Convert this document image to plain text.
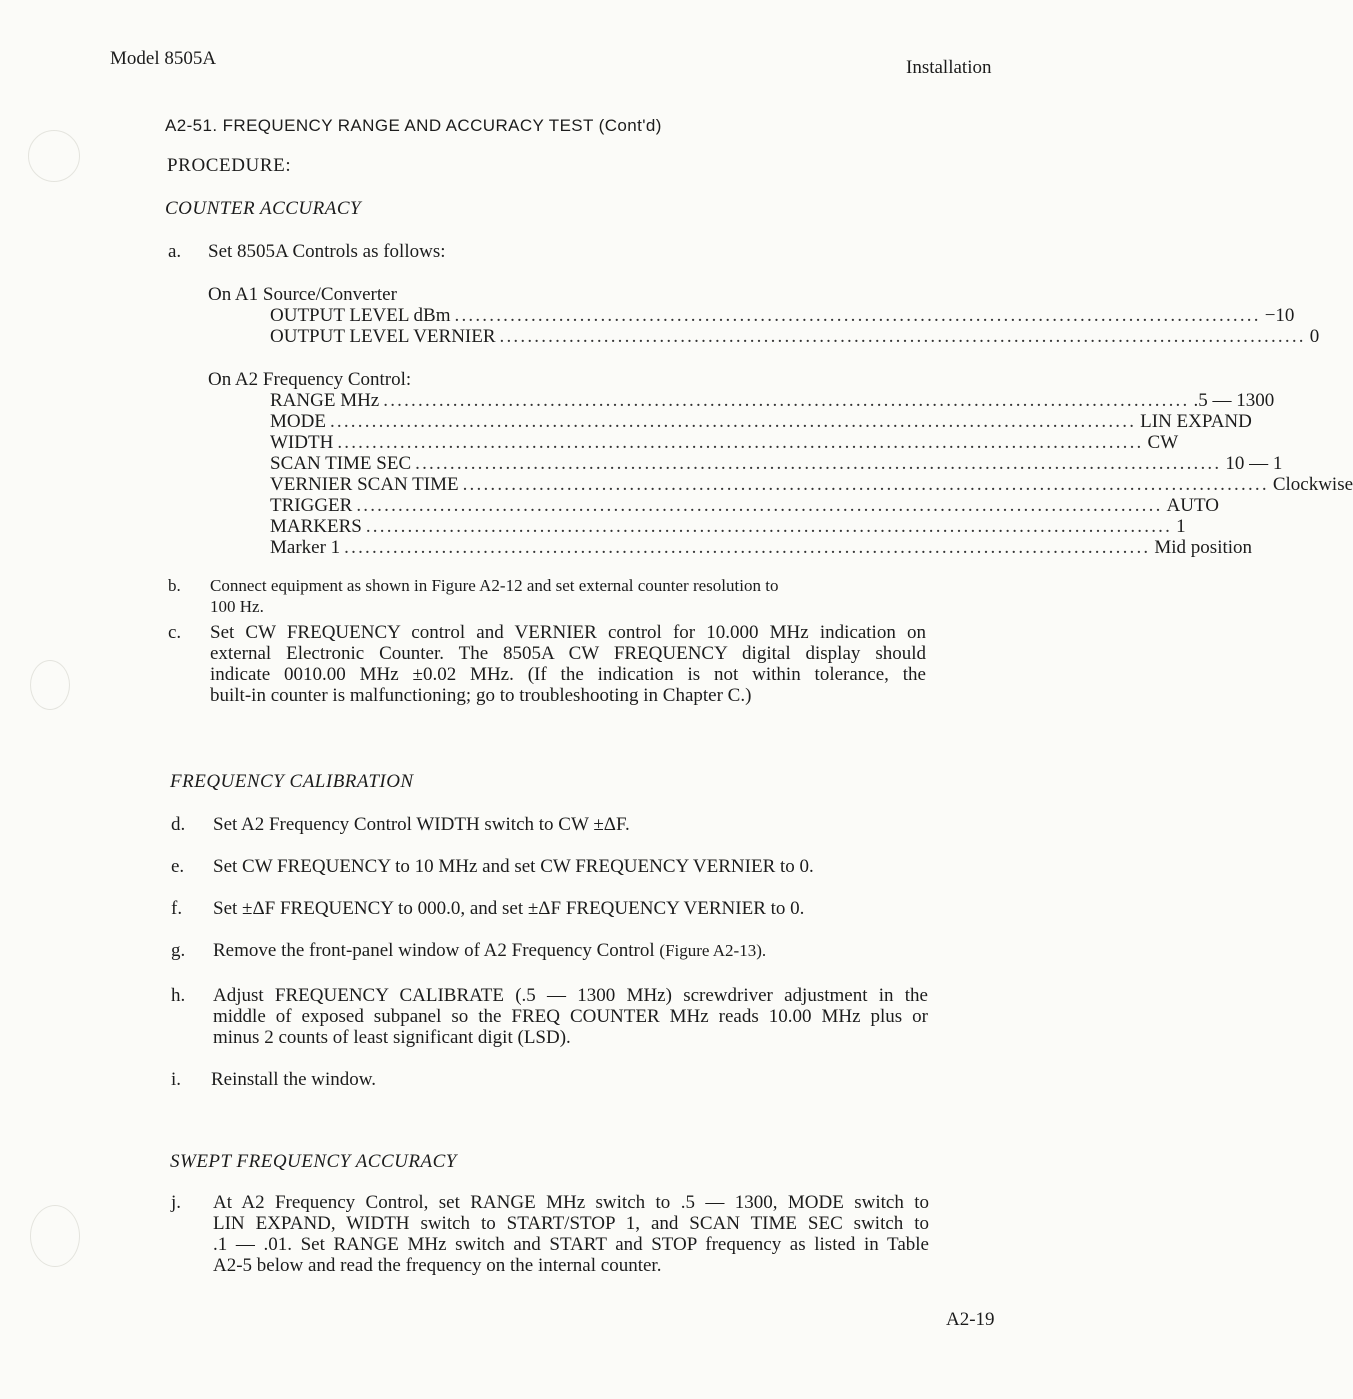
Model 8505A	Installation
A2-51. FREQUENCY RANGE AND ACCURACY TEST (Cont'd)
PROCEDURE:
COUNTER ACCURACY
a. Set 8505A Controls as follows:
On A1 Source/Converter
OUTPUT LEVEL dBm .................................................................................................................... −10
OUTPUT LEVEL VERNIER .................................................................................................................... 0
On A2 Frequency Control:
RANGE MHz .................................................................................................................... .5 — 1300
MODE .................................................................................................................... LIN EXPAND
WIDTH .................................................................................................................... CW
SCAN TIME SEC .................................................................................................................... 10 — 1
VERNIER SCAN TIME .................................................................................................................... Clockwise
TRIGGER .................................................................................................................... AUTO
MARKERS .................................................................................................................... 1
Marker 1 .................................................................................................................... Mid position
b. Connect equipment as shown in Figure A2-12 and set external counter resolution to
100 Hz.
c. Set CW FREQUENCY control and VERNIER control for 10.000 MHz indication on
external Electronic Counter. The 8505A CW FREQUENCY digital display should
indicate 0010.00 MHz ±0.02 MHz. (If the indication is not within tolerance, the
built-in counter is malfunctioning; go to troubleshooting in Chapter C.)
FREQUENCY CALIBRATION
d. Set A2 Frequency Control WIDTH switch to CW ±ΔF.
e. Set CW FREQUENCY to 10 MHz and set CW FREQUENCY VERNIER to 0.
f. Set ±ΔF FREQUENCY to 000.0, and set ±ΔF FREQUENCY VERNIER to 0.
g. Remove the front-panel window of A2 Frequency Control (Figure A2-13).
h. Adjust FREQUENCY CALIBRATE (.5 — 1300 MHz) screwdriver adjustment in the
middle of exposed subpanel so the FREQ COUNTER MHz reads 10.00 MHz plus or
minus 2 counts of least significant digit (LSD).
i. Reinstall the window.
SWEPT FREQUENCY ACCURACY
j. At A2 Frequency Control, set RANGE MHz switch to .5 — 1300, MODE switch to
LIN EXPAND, WIDTH switch to START/STOP 1, and SCAN TIME SEC switch to
.1 — .01. Set RANGE MHz switch and START and STOP frequency as listed in Table
A2-5 below and read the frequency on the internal counter.
A2-19
